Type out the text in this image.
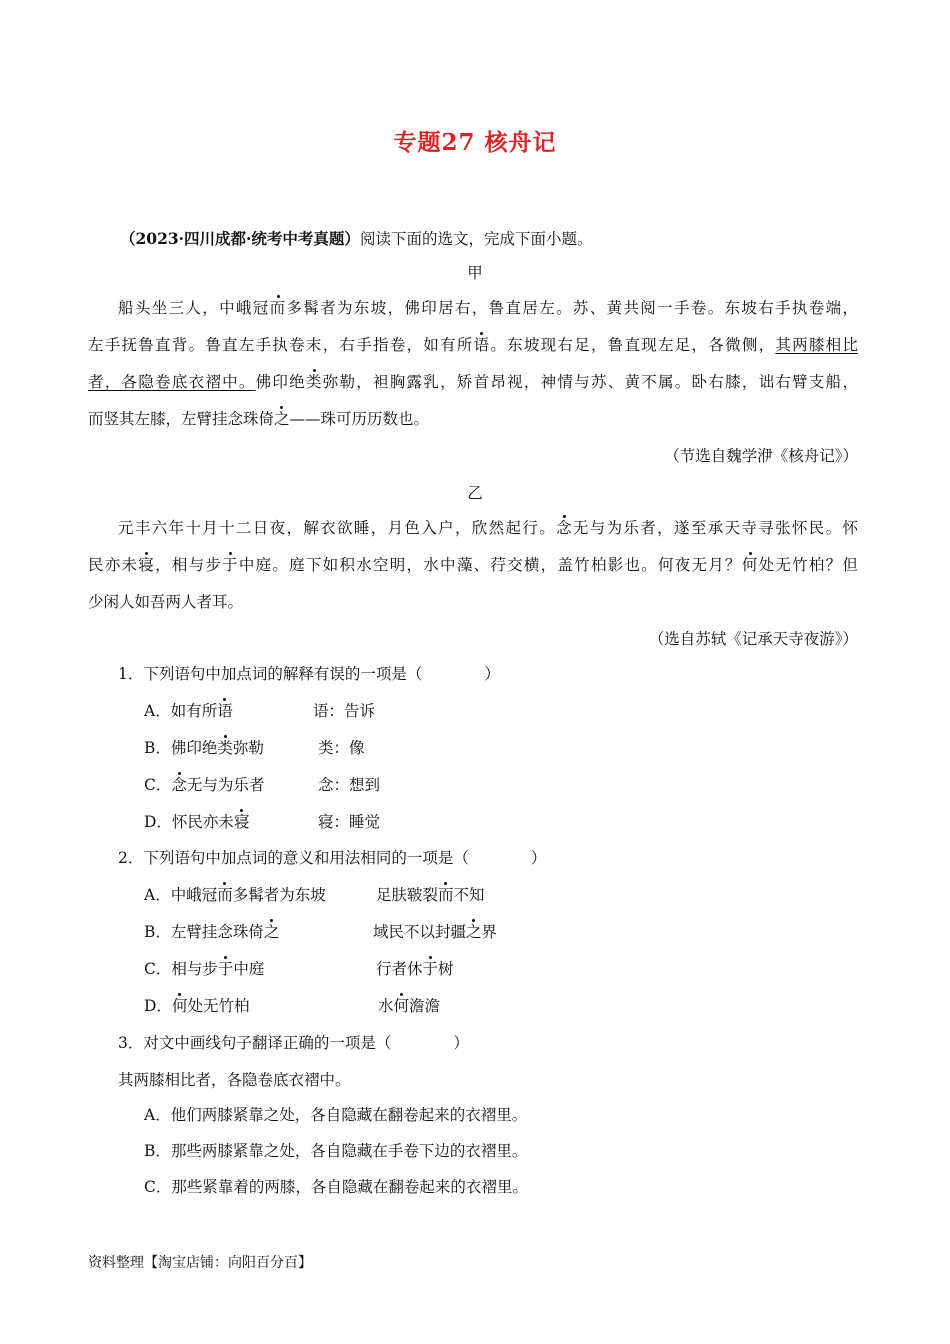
专题27 核舟记
（2023·四川成都·统考中考真题）阅读下面的选文，完成下面小题。
甲
船头坐三人，中峨冠而多髯者为东坡，佛印居右，鲁直居左。苏、黄共阅一手卷。东坡右手执卷端，
左手抚鲁直背。鲁直左手执卷末，右手指卷，如有所语。东坡现右足，鲁直现左足，各微侧，其两膝相比
者，各隐卷底衣褶中。佛印绝类弥勒，袒胸露乳，矫首昂视，神情与苏、黄不属。卧右膝，诎右臂支船，
而竖其左膝，左臂挂念珠倚之——珠可历历数也。
（节选自魏学洢《核舟记》）
乙
元丰六年十月十二日夜，解衣欲睡，月色入户，欣然起行。念无与为乐者，遂至承天寺寻张怀民。怀
民亦未寝，相与步于中庭。庭下如积水空明，水中藻、荇交横，盖竹柏影也。何夜无月？何处无竹柏？但
少闲人如吾两人者耳。
（选自苏轼《记承天寺夜游》）
1．下列语句中加点词的解释有误的一项是（　　　　）
A．如有所语	语：告诉
B．佛印绝类弥勒	类：像
C．念无与为乐者	念：想到
D．怀民亦未寝	寝：睡觉
2．下列语句中加点词的意义和用法相同的一项是（　　　　）
A．中峨冠而多髯者为东坡	足肤皲裂而不知
B．左臂挂念珠倚之	域民不以封疆之界
C．相与步于中庭	行者休于树
D．何处无竹柏	水何澹澹
3．对文中画线句子翻译正确的一项是（　　　　）
其两膝相比者，各隐卷底衣褶中。
A．他们两膝紧靠之处，各自隐藏在翻卷起来的衣褶里。
B．那些两膝紧靠之处，各自隐藏在手卷下边的衣褶里。
C．那些紧靠着的两膝，各自隐藏在翻卷起来的衣褶里。
资料整理【淘宝店铺：向阳百分百】
